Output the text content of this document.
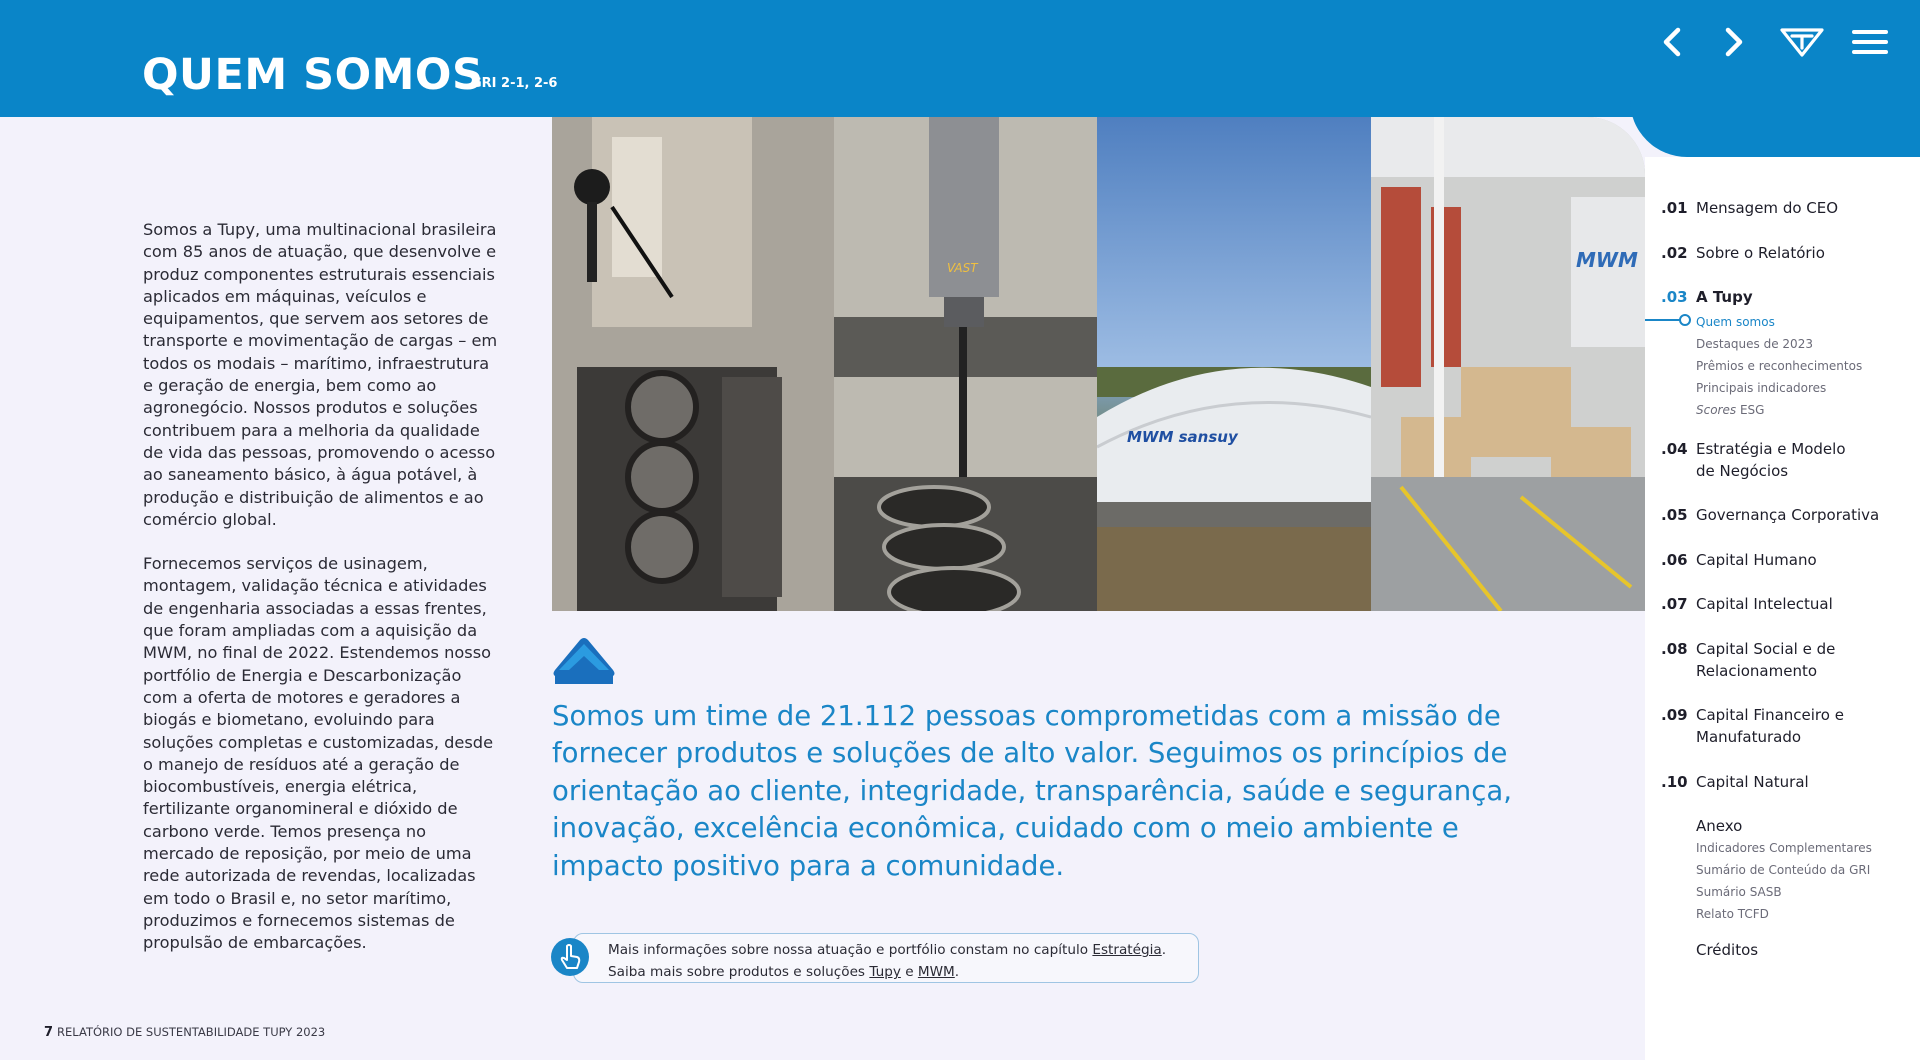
QUEM SOMOS
GRI 2-1, 2-6

Somos a Tupy, uma multinacional brasileira com 85 anos de atuação, que desenvolve e produz componentes estruturais essenciais aplicados em máquinas, veículos e equipamentos, que servem aos setores de transporte e movimentação de cargas – em todos os modais – marítimo, infraestrutura e geração de energia, bem como ao agronegócio. Nossos produtos e soluções contribuem para a melhoria da qualidade de vida das pessoas, promovendo o acesso ao saneamento básico, à água potável, à produção e distribuição de alimentos e ao comércio global.

Fornecemos serviços de usinagem, montagem, validação técnica e atividades de engenharia associadas a essas frentes, que foram ampliadas com a aquisição da MWM, no final de 2022. Estendemos nosso portfólio de Energia e Descarbonização com a oferta de motores e geradores a biogás e biometano, evoluindo para soluções completas e customizadas, desde o manejo de resíduos até a geração de biocombustíveis, energia elétrica, fertilizante organomineral e dióxido de carbono verde. Temos presença no mercado de reposição, por meio de uma rede autorizada de revendas, localizadas em todo o Brasil e, no setor marítimo, produzimos e fornecemos sistemas de propulsão de embarcações.

VAST
MWM sansuy
MWM
Somos um time de 21.112 pessoas comprometidas com a missão de fornecer produtos e soluções de alto valor. Seguimos os princípios de orientação ao cliente, integridade, transparência, saúde e segurança, inovação, excelência econômica, cuidado com o meio ambiente e impacto positivo para a comunidade.
Mais informações sobre nossa atuação e portfólio constam no capítulo Estratégia.
Saiba mais sobre produtos e soluções Tupy e MWM.
7 RELATÓRIO DE SUSTENTABILIDADE TUPY 2023
.01 Mensagem do CEO
.02 Sobre o Relatório
.03 A Tupy
Quem somos
Destaques de 2023
Prêmios e reconhecimentos
Principais indicadores
Scores ESG
.04 Estratégia e Modelo de Negócios
.05 Governança Corporativa
.06 Capital Humano
.07 Capital Intelectual
.08 Capital Social e de Relacionamento
.09 Capital Financeiro e Manufaturado
.10 Capital Natural
Anexo
Indicadores Complementares
Sumário de Conteúdo da GRI
Sumário SASB
Relato TCFD
Créditos
